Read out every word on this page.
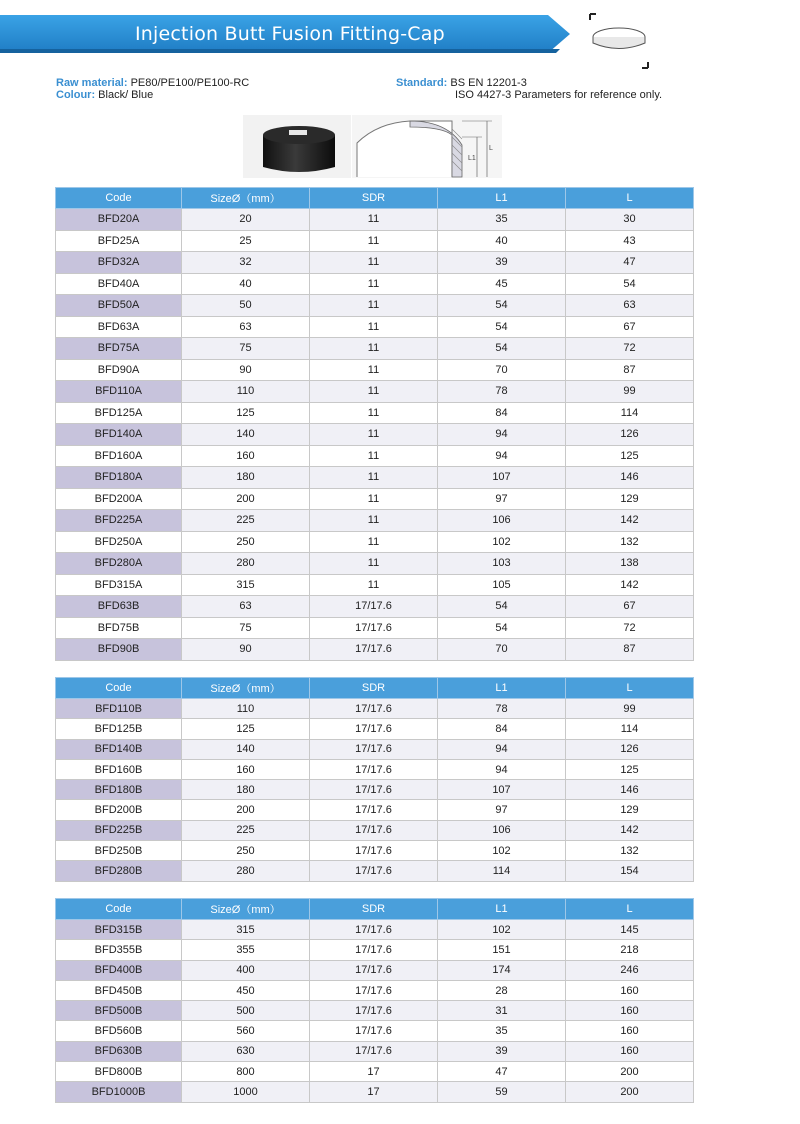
Injection Butt Fusion Fitting-Cap
Raw material: PE80/PE100/PE100-RC
Colour: Black/ Blue
Standard: BS EN 12201-3
ISO 4427-3 Parameters for reference only.
L
L1
Code	SizeØ（mm）	SDR	L1	L
BFD20A	20	11	35	30
BFD25A	25	11	40	43
BFD32A	32	11	39	47
BFD40A	40	11	45	54
BFD50A	50	11	54	63
BFD63A	63	11	54	67
BFD75A	75	11	54	72
BFD90A	90	11	70	87
BFD110A	110	11	78	99
BFD125A	125	11	84	114
BFD140A	140	11	94	126
BFD160A	160	11	94	125
BFD180A	180	11	107	146
BFD200A	200	11	97	129
BFD225A	225	11	106	142
BFD250A	250	11	102	132
BFD280A	280	11	103	138
BFD315A	315	11	105	142
BFD63B	63	17/17.6	54	67
BFD75B	75	17/17.6	54	72
BFD90B	90	17/17.6	70	87
Code	SizeØ（mm）	SDR	L1	L
BFD110B	110	17/17.6	78	99
BFD125B	125	17/17.6	84	114
BFD140B	140	17/17.6	94	126
BFD160B	160	17/17.6	94	125
BFD180B	180	17/17.6	107	146
BFD200B	200	17/17.6	97	129
BFD225B	225	17/17.6	106	142
BFD250B	250	17/17.6	102	132
BFD280B	280	17/17.6	114	154
Code	SizeØ（mm）	SDR	L1	L
BFD315B	315	17/17.6	102	145
BFD355B	355	17/17.6	151	218
BFD400B	400	17/17.6	174	246
BFD450B	450	17/17.6	28	160
BFD500B	500	17/17.6	31	160
BFD560B	560	17/17.6	35	160
BFD630B	630	17/17.6	39	160
BFD800B	800	17	47	200
BFD1000B	1000	17	59	200
